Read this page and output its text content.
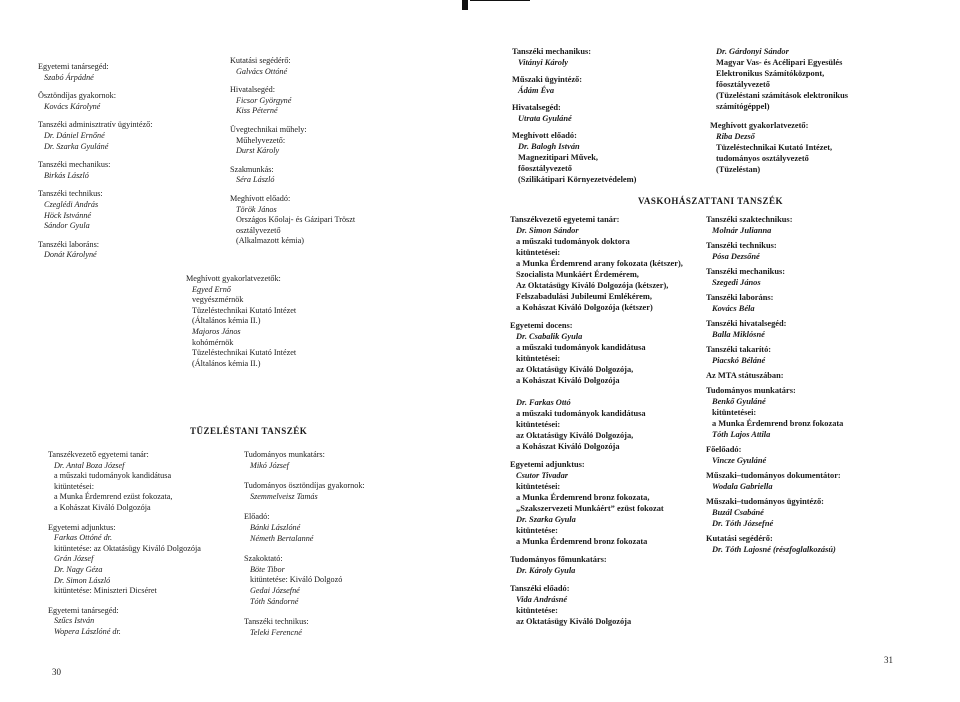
Egyetemi tanársegéd:
Szabó Árpádné
Ösztöndíjas gyakornok:
Kovács Károlyné
Tanszéki adminisztratív ügyintéző:
Dr. Dániel Ernőné
Dr. Szarka Gyuláné
Tanszéki mechanikus:
Birkás László
Tanszéki technikus:
Czeglédi András
Höck Istvánné
Sándor Gyula
Tanszéki laboráns:
Donát Károlyné
Kutatási segédérő:
Galvács Ottóné
Hivatalsegéd:
Ficsor Györgyné
Kiss Péterné
Üvegtechnikai műhely:
Műhelyvezető:
Durst Károly
Szakmunkás:
Séra László
Meghívott előadó:
Török János
Országos Kőolaj- és Gázipari Tröszt
osztályvezető
(Alkalmazott kémia)
Meghívott gyakorlatvezetők:
Egyed Ernő
vegyészmérnök
Tüzeléstechnikai Kutató Intézet
(Általános kémia II.)
Majoros János
kohómérnök
Tüzeléstechnikai Kutató Intézet
(Általános kémia II.)
TÜZELÉSTANI TANSZÉK
Tanszékvezető egyetemi tanár:
Dr. Antal Boza József
a műszaki tudományok kandidátusa
kitüntetései:
a Munka Érdemrend ezüst fokozata,
a Kohászat Kiváló Dolgozója
Egyetemi adjunktus:
Farkas Ottóné dr.
kitüntetése: az Oktatásügy Kiváló Dolgozója
Grán József
Dr. Nagy Géza
Dr. Simon László
kitüntetése: Miniszteri Dicséret
Egyetemi tanársegéd:
Szűcs István
Wopera Lászlóné dr.
Tudományos munkatárs:
Mikó József
Tudományos ösztöndíjas gyakornok:
Szemmelveisz Tamás
Előadó:
Bánki Lászlóné
Németh Bertalanné
Szakoktató:
Böte Tibor
kitüntetése: Kiváló Dolgozó
Gedai Józsefné
Tóth Sándorné
Tanszéki technikus:
Teleki Ferencné
30
Tanszéki mechanikus:
Vitányi Károly
Műszaki ügyintéző:
Ádám Éva
Hivatalsegéd:
Utrata Gyuláné
Meghívott előadó:
Dr. Balogh István
Magnezitipari Művek,
főosztályvezető
(Szilikátipari Környezetvédelem)
Dr. Gárdonyi Sándor
Magyar Vas- és Acélipari Egyesülés
Elektronikus Számítóközpont,
főosztályvezető
(Tüzeléstani számítások elektronikus
számítógéppel)
Meghívott gyakorlatvezető:
Riba Dezső
Tüzeléstechnikai Kutató Intézet,
tudományos osztályvezető
(Tüzeléstan)
VASKOHÁSZATTANI TANSZÉK
Tanszékvezető egyetemi tanár:
Dr. Simon Sándor
a műszaki tudományok doktora
kitüntetései:
a Munka Érdemrend arany fokozata (kétszer),
Szocialista Munkáért Érdemérem,
Az Oktatásügy Kiváló Dolgozója (kétszer),
Felszabadulási Jubileumi Emlékérem,
a Kohászat Kiváló Dolgozója (kétszer)
Egyetemi docens:
Dr. Csabalik Gyula
a műszaki tudományok kandidátusa
kitüntetései:
az Oktatásügy Kiváló Dolgozója,
a Kohászat Kiváló Dolgozója

Dr. Farkas Ottó
a műszaki tudományok kandidátusa
kitüntetései:
az Oktatásügy Kiváló Dolgozója,
a Kohászat Kiváló Dolgozója
Egyetemi adjunktus:
Csutor Tivadar
kitüntetései:
a Munka Érdemrend bronz fokozata,
„Szakszervezeti Munkáért” ezüst fokozat
Dr. Szarka Gyula
kitüntetése:
a Munka Érdemrend bronz fokozata
Tudományos főmunkatárs:
Dr. Károly Gyula
Tanszéki előadó:
Vida Andrásné
kitüntetése:
az Oktatásügy Kiváló Dolgozója
Tanszéki szaktechnikus:
Molnár Julianna
Tanszéki technikus:
Pósa Dezsőné
Tanszéki mechanikus:
Szegedi János
Tanszéki laboráns:
Kovács Béla
Tanszéki hivatalsegéd:
Balla Miklósné
Tanszéki takarító:
Piacskó Béláné
Az MTA státuszában:
Tudományos munkatárs:
Benkő Gyuláné
kitüntetései:
a Munka Érdemrend bronz fokozata
Tóth Lajos Attila
Főelőadó:
Vincze Gyuláné
Műszaki–tudományos dokumentátor:
Wodala Gabriella
Műszaki–tudományos ügyintéző:
Buzál Csabáné
Dr. Tóth Józsefné
Kutatási segédérő:
Dr. Tóth Lajosné (részfoglalkozású)
31
